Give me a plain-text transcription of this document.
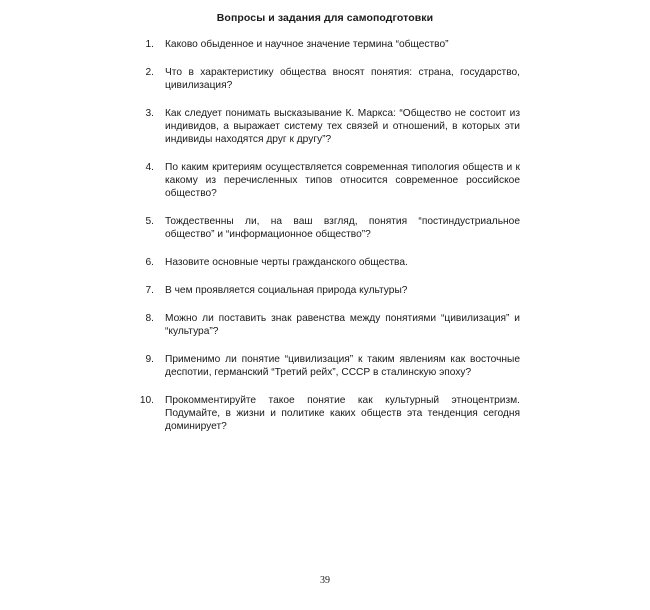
Вопросы и задания для самоподготовки
1. Каково обыденное и научное значение термина “общество”
2. Что в характеристику общества вносят понятия: страна, государство, цивилизация?
3. Как следует понимать высказывание К. Маркса: “Общество не состоит из индивидов, а выражает систему тех связей и отношений, в которых эти индивиды находятся друг к другу”?
4. По каким критериям осуществляется современная типология обществ и к какому из перечисленных типов относится современное российское общество?
5. Тождественны ли, на ваш взгляд, понятия “постиндустриальное общество” и “информационное общество”?
6. Назовите основные черты гражданского общества.
7. В чем проявляется социальная природа культуры?
8. Можно ли поставить знак равенства между понятиями “цивилизация” и “культура”?
9. Применимо ли понятие “цивилизация” к таким явлениям как восточные деспотии, германский “Третий рейх”, СССР в сталинскую эпоху?
10. Прокомментируйте такое понятие как культурный этноцентризм. Подумайте, в жизни и политике каких обществ эта тенденция сегодня доминирует?
39
